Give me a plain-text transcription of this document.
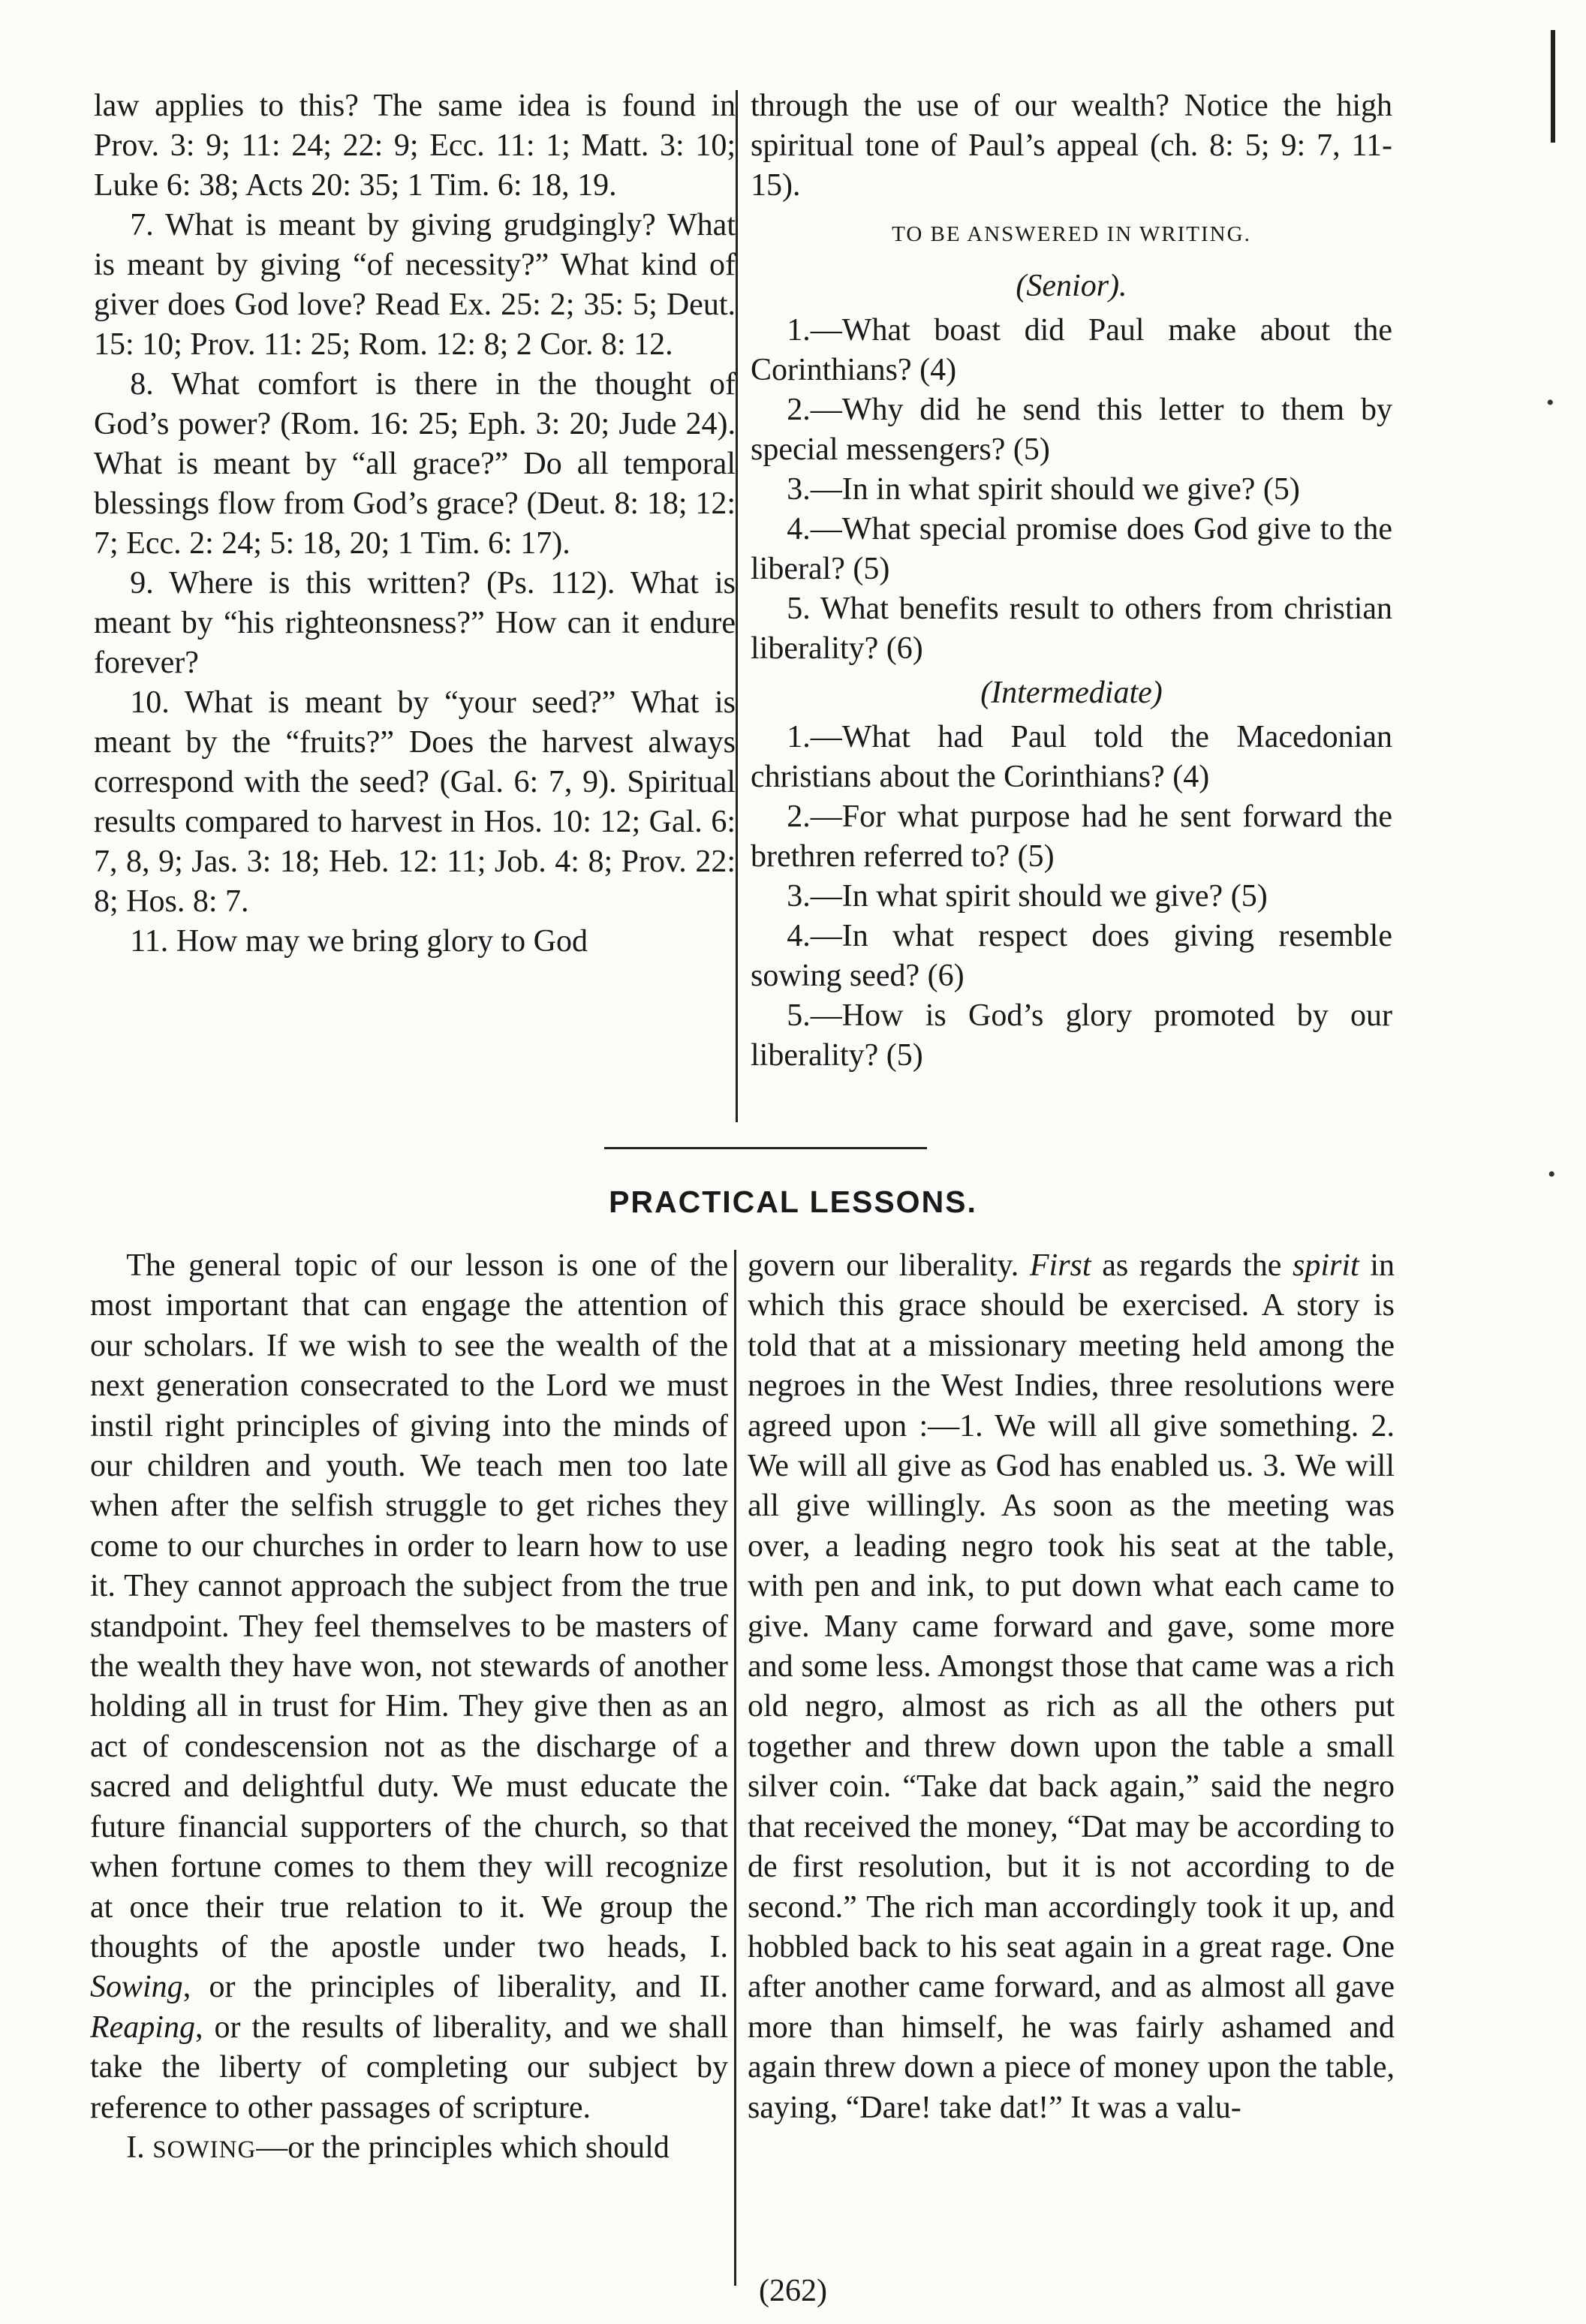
law applies to this? The same idea is found in Prov. 3: 9; 11: 24; 22: 9; Ecc. 11: 1; Matt. 3: 10; Luke 6: 38; Acts 20: 35; 1 Tim. 6: 18, 19.

7. What is meant by giving grudgingly? What is meant by giving “of necessity?” What kind of giver does God love? Read Ex. 25: 2; 35: 5; Deut. 15: 10; Prov. 11: 25; Rom. 12: 8; 2 Cor. 8: 12.

8. What comfort is there in the thought of God’s power? (Rom. 16: 25; Eph. 3: 20; Jude 24). What is meant by “all grace?” Do all temporal blessings flow from God’s grace? (Deut. 8: 18; 12: 7; Ecc. 2: 24; 5: 18, 20; 1 Tim. 6: 17).

9. Where is this written? (Ps. 112). What is meant by “his righteonsness?” How can it endure forever?

10. What is meant by “your seed?” What is meant by the “fruits?” Does the harvest always correspond with the seed? (Gal. 6: 7, 9). Spiritual results compared to harvest in Hos. 10: 12; Gal. 6: 7, 8, 9; Jas. 3: 18; Heb. 12: 11; Job. 4: 8; Prov. 22: 8; Hos. 8: 7.

11. How may we bring glory to God

through the use of our wealth? Notice the high spiritual tone of Paul’s appeal (ch. 8: 5; 9: 7, 11-15).

TO BE ANSWERED IN WRITING.
(Senior).

1.—What boast did Paul make about the Corinthians? (4)

2.—Why did he send this letter to them by special messengers? (5)

3.—In in what spirit should we give? (5)

4.—What special promise does God give to the liberal? (5)

5. What benefits result to others from christian liberality? (6)

(Intermediate)

1.—What had Paul told the Macedonian christians about the Corinthians? (4)

2.—For what purpose had he sent forward the brethren referred to? (5)

3.—In what spirit should we give? (5)

4.—In what respect does giving resemble sowing seed? (6)

5.—How is God’s glory promoted by our liberality? (5)

PRACTICAL LESSONS.

The general topic of our lesson is one of the most important that can engage the attention of our scholars. If we wish to see the wealth of the next generation consecrated to the Lord we must instil right principles of giving into the minds of our children and youth. We teach men too late when after the selfish struggle to get riches they come to our churches in order to learn how to use it. They cannot approach the subject from the true standpoint. They feel themselves to be masters of the wealth they have won, not stewards of another holding all in trust for Him. They give then as an act of condescension not as the discharge of a sacred and delightful duty. We must educate the future financial supporters of the church, so that when fortune comes to them they will recognize at once their true relation to it. We group the thoughts of the apostle under two heads, I. Sowing, or the principles of liberality, and II. Reaping, or the results of liberality, and we shall take the liberty of completing our subject by reference to other passages of scripture.

I. SOWING—or the principles which should

govern our liberality. First as regards the spirit in which this grace should be exercised. A story is told that at a missionary meeting held among the negroes in the West Indies, three resolutions were agreed upon :—1. We will all give something. 2. We will all give as God has enabled us. 3. We will all give willingly. As soon as the meeting was over, a leading negro took his seat at the table, with pen and ink, to put down what each came to give. Many came forward and gave, some more and some less. Amongst those that came was a rich old negro, almost as rich as all the others put together and threw down upon the table a small silver coin. “Take dat back again,” said the negro that received the money, “Dat may be according to de first resolution, but it is not according to de second.” The rich man accordingly took it up, and hobbled back to his seat again in a great rage. One after another came forward, and as almost all gave more than himself, he was fairly ashamed and again threw down a piece of money upon the table, saying, “Dare! take dat!” It was a valu-

(262)
•
•
